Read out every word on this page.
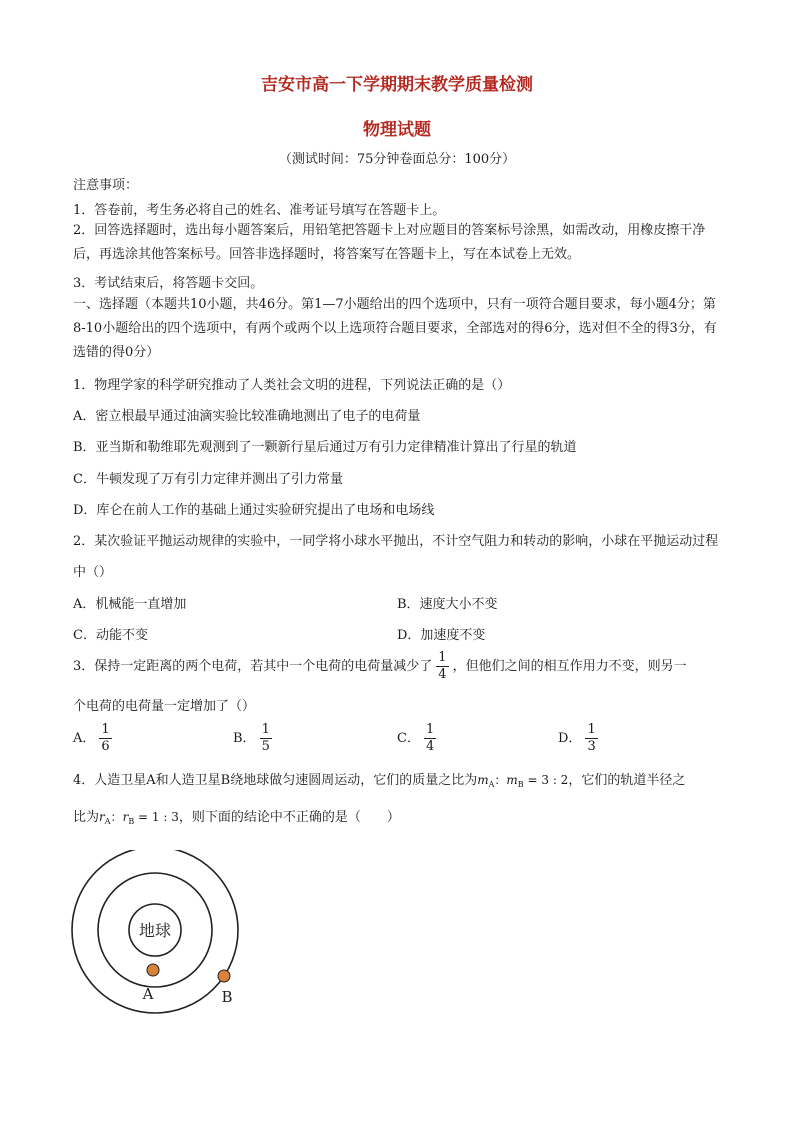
吉安市高一下学期期末教学质量检测
物理试题
（测试时间：75分钟卷面总分：100分）
注意事项：
1．答卷前，考生务必将自己的姓名、准考证号填写在答题卡上。
2．回答选择题时，选出每小题答案后，用铅笔把答题卡上对应题目的答案标号涂黑，如需改动，用橡皮擦干净后，再选涂其他答案标号。回答非选择题时，将答案写在答题卡上，写在本试卷上无效。
3．考试结束后，将答题卡交回。
一、选择题（本题共10小题，共46分。第1—7小题给出的四个选项中，只有一项符合题目要求，每小题4分；第8-10小题给出的四个选项中，有两个或两个以上选项符合题目要求，全部选对的得6分，选对但不全的得3分，有选错的得0分）
1．物理学家的科学研究推动了人类社会文明的进程，下列说法正确的是（）
A．密立根最早通过油滴实验比较准确地测出了电子的电荷量
B．亚当斯和勒维耶先观测到了一颗新行星后通过万有引力定律精准计算出了行星的轨道
C．牛顿发现了万有引力定律并测出了引力常量
D．库仑在前人工作的基础上通过实验研究提出了电场和电场线
2．某次验证平抛运动规律的实验中，一同学将小球水平抛出，不计空气阻力和转动的影响，小球在平抛运动过程中（）
A．机械能一直增加	B．速度大小不变
C．动能不变	D．加速度不变
3．保持一定距离的两个电荷，若其中一个电荷的电荷量减少了 $\frac{1}{4}$ ，但他们之间的相互作用力不变，则另一
个电荷的电荷量一定增加了（）
A． $\frac{1}{6}$	B． $\frac{1}{5}$	C． $\frac{1}{4}$	D． $\frac{1}{3}$
4．人造卫星A和人造卫星B绕地球做匀速圆周运动，它们的质量之比为$m_A$：$m_B = 3$ : 2，它们的轨道半径之
比为$r_A$：$r_B = 1$ : 3，则下面的结论中不正确的是（　　）
地球
A	B
